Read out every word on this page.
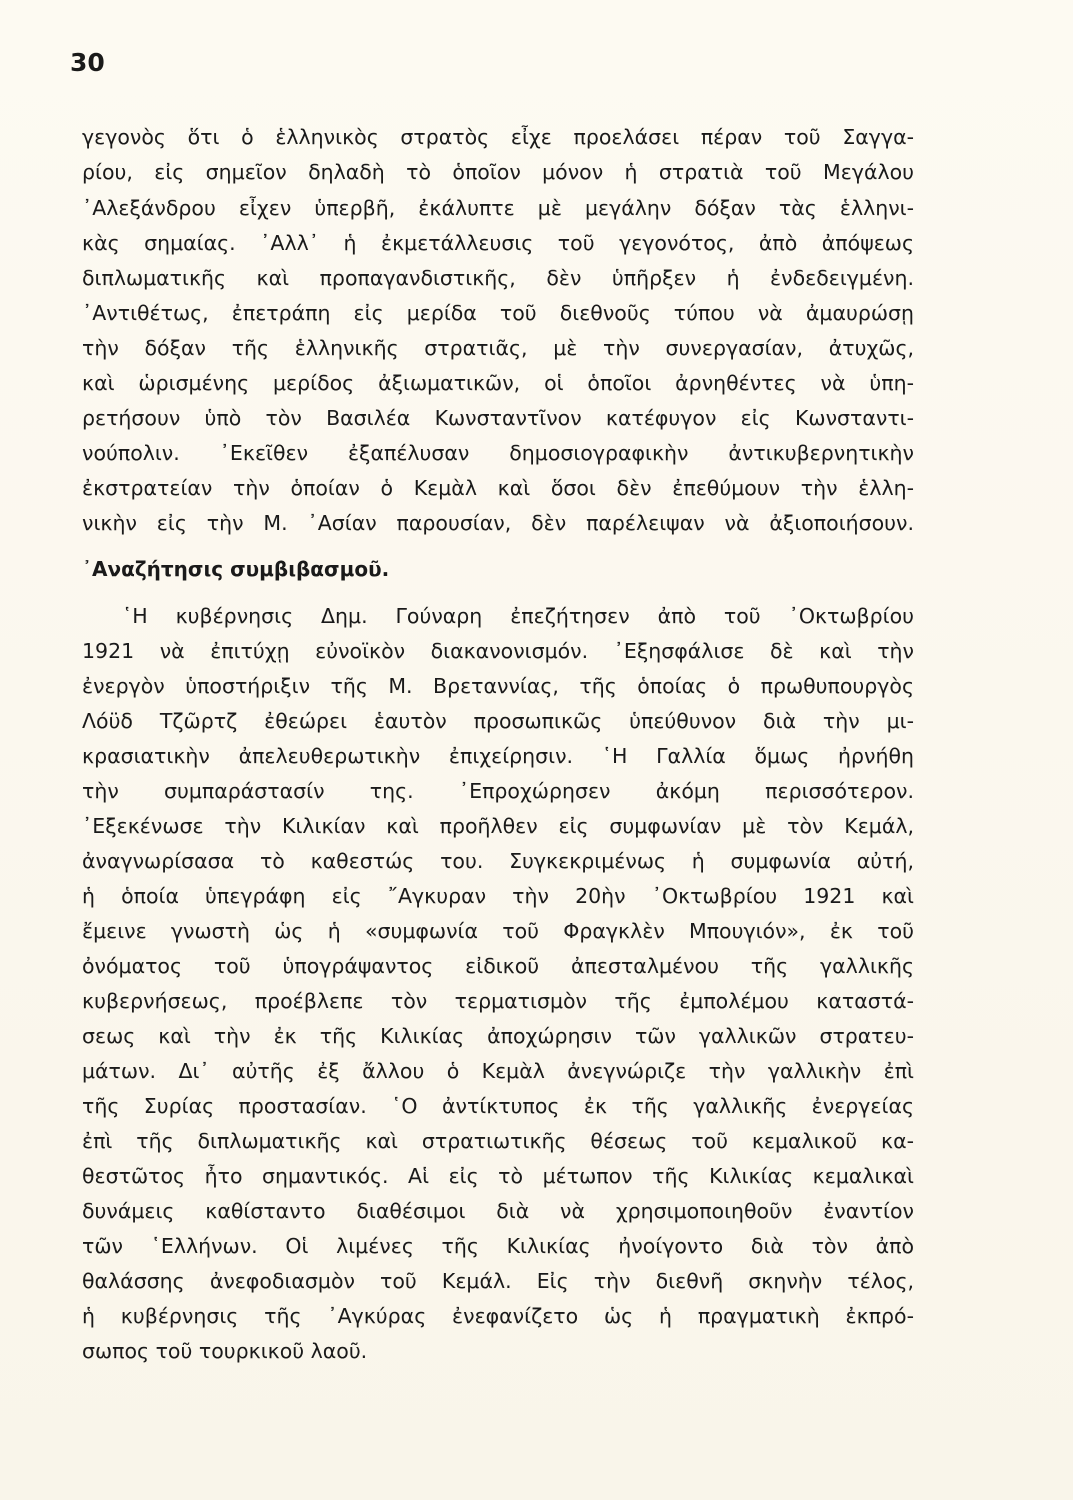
30
γεγονὸς ὅτι ὁ ἑλληνικὸς στρατὸς εἶχε προελάσει πέραν τοῦ Σαγγα-
ρίου, εἰς σημεῖον δηλαδὴ τὸ ὁποῖον μόνον ἡ στρατιὰ τοῦ Μεγάλου
᾿Αλεξάνδρου εἶχεν ὑπερβῆ, ἐκάλυπτε μὲ μεγάλην δόξαν τὰς ἑλληνι-
κὰς σημαίας. ᾿Αλλ᾿ ἡ ἐκμετάλλευσις τοῦ γεγονότος, ἀπὸ ἀπόψεως
διπλωματικῆς καὶ προπαγανδιστικῆς, δὲν ὑπῆρξεν ἡ ἐνδεδειγμένη.
᾿Αντιθέτως, ἐπετράπη εἰς μερίδα τοῦ διεθνοῦς τύπου νὰ ἀμαυρώσῃ
τὴν δόξαν τῆς ἑλληνικῆς στρατιᾶς, μὲ τὴν συνεργασίαν, ἀτυχῶς,
καὶ ὡρισμένης μερίδος ἀξιωματικῶν, οἱ ὁποῖοι ἀρνηθέντες νὰ ὑπη-
ρετήσουν ὑπὸ τὸν Βασιλέα Κωνσταντῖνον κατέφυγον εἰς Κωνσταντι-
νούπολιν. ᾿Εκεῖθεν ἐξαπέλυσαν δημοσιογραφικὴν ἀντικυβερνητικὴν
ἐκστρατείαν τὴν ὁποίαν ὁ Κεμὰλ καὶ ὅσοι δὲν ἐπεθύμουν τὴν ἑλλη-
νικὴν εἰς τὴν Μ. ᾿Ασίαν παρουσίαν, δὲν παρέλειψαν νὰ ἀξιοποιήσουν.
᾿Αναζήτησις συμβιβασμοῦ.
῾Η κυβέρνησις Δημ. Γούναρη ἐπεζήτησεν ἀπὸ τοῦ ᾿Οκτωβρίου
1921 νὰ ἐπιτύχῃ εὐνοϊκὸν διακανονισμόν. ᾿Εξησφάλισε δὲ καὶ τὴν
ἐνεργὸν ὑποστήριξιν τῆς Μ. Βρεταννίας, τῆς ὁποίας ὁ πρωθυπουργὸς
Λόϋδ Τζῶρτζ ἐθεώρει ἑαυτὸν προσωπικῶς ὑπεύθυνον διὰ τὴν μι-
κρασιατικὴν ἀπελευθερωτικὴν ἐπιχείρησιν. ῾Η Γαλλία ὅμως ἠρνήθη
τὴν συμπαράστασίν της. ᾿Επροχώρησεν ἀκόμη περισσότερον.
᾿Εξεκένωσε τὴν Κιλικίαν καὶ προῆλθεν εἰς συμφωνίαν μὲ τὸν Κεμάλ,
ἀναγνωρίσασα τὸ καθεστώς του. Συγκεκριμένως ἡ συμφωνία αὐτή,
ἡ ὁποία ὑπεγράφη εἰς ῎Αγκυραν τὴν 20ὴν ᾿Οκτωβρίου 1921 καὶ
ἔμεινε γνωστὴ ὡς ἡ «συμφωνία τοῦ Φραγκλὲν Μπουγιόν», ἐκ τοῦ
ὀνόματος τοῦ ὑπογράψαντος εἰδικοῦ ἀπεσταλμένου τῆς γαλλικῆς
κυβερνήσεως, προέβλεπε τὸν τερματισμὸν τῆς ἐμπολέμου καταστά-
σεως καὶ τὴν ἐκ τῆς Κιλικίας ἀποχώρησιν τῶν γαλλικῶν στρατευ-
μάτων. Δι᾿ αὐτῆς ἐξ ἄλλου ὁ Κεμὰλ ἀνεγνώριζε τὴν γαλλικὴν ἐπὶ
τῆς Συρίας προστασίαν. ῾Ο ἀντίκτυπος ἐκ τῆς γαλλικῆς ἐνεργείας
ἐπὶ τῆς διπλωματικῆς καὶ στρατιωτικῆς θέσεως τοῦ κεμαλικοῦ κα-
θεστῶτος ἦτο σημαντικός. Αἱ εἰς τὸ μέτωπον τῆς Κιλικίας κεμαλικαὶ
δυνάμεις καθίσταντο διαθέσιμοι διὰ νὰ χρησιμοποιηθοῦν ἐναντίον
τῶν ῾Ελλήνων. Οἱ λιμένες τῆς Κιλικίας ἠνοίγοντο διὰ τὸν ἀπὸ
θαλάσσης ἀνεφοδιασμὸν τοῦ Κεμάλ. Εἰς τὴν διεθνῆ σκηνὴν τέλος,
ἡ κυβέρνησις τῆς ᾿Αγκύρας ἐνεφανίζετο ὡς ἡ πραγματικὴ ἐκπρό-
σωπος τοῦ τουρκικοῦ λαοῦ.
